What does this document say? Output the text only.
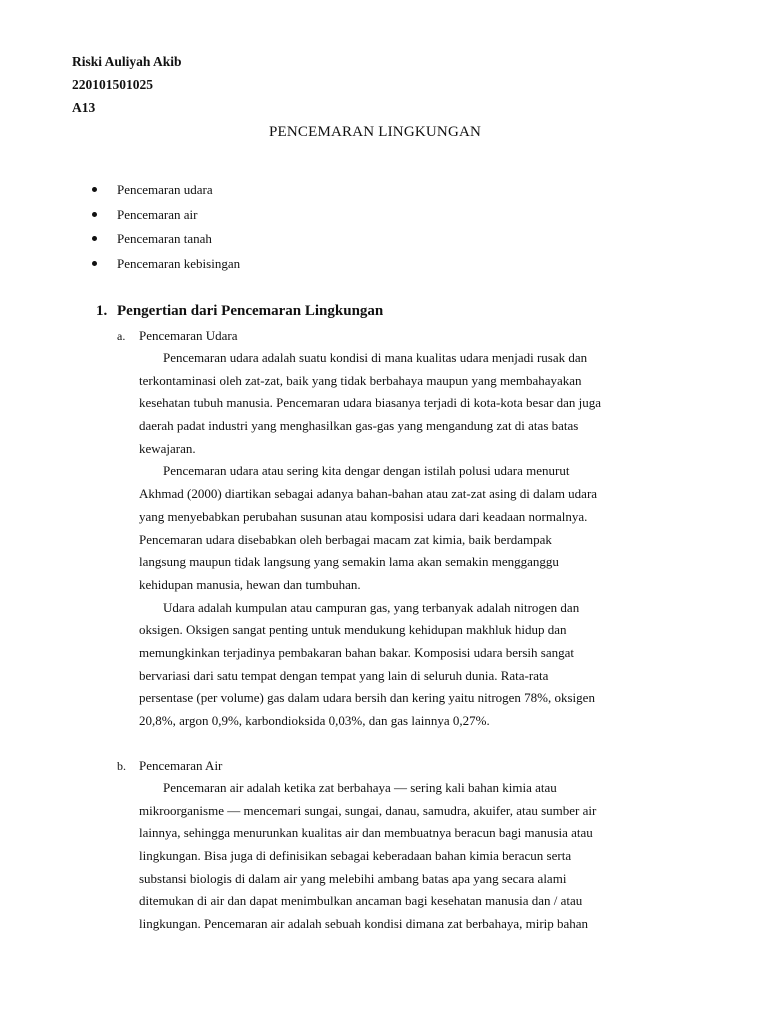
Riski Auliyah Akib
220101501025
A13
PENCEMARAN LINGKUNGAN
Pencemaran udara
Pencemaran air
Pencemaran tanah
Pencemaran kebisingan
1. Pengertian dari Pencemaran Lingkungan
a. Pencemaran Udara
Pencemaran udara adalah suatu kondisi di mana kualitas udara menjadi rusak dan
terkontaminasi oleh zat-zat, baik yang tidak berbahaya maupun yang membahayakan
kesehatan tubuh manusia. Pencemaran udara biasanya terjadi di kota-kota besar dan juga
daerah padat industri yang menghasilkan gas-gas yang mengandung zat di atas batas
kewajaran.
Pencemaran udara atau sering kita dengar dengan istilah polusi udara menurut
Akhmad (2000) diartikan sebagai adanya bahan-bahan atau zat-zat asing di dalam udara
yang menyebabkan perubahan susunan atau komposisi udara dari keadaan normalnya.
Pencemaran udara disebabkan oleh berbagai macam zat kimia, baik berdampak
langsung maupun tidak langsung yang semakin lama akan semakin mengganggu
kehidupan manusia, hewan dan tumbuhan.
Udara adalah kumpulan atau campuran gas, yang terbanyak adalah nitrogen dan
oksigen. Oksigen sangat penting untuk mendukung kehidupan makhluk hidup dan
memungkinkan terjadinya pembakaran bahan bakar. Komposisi udara bersih sangat
bervariasi dari satu tempat dengan tempat yang lain di seluruh dunia. Rata-rata
persentase (per volume) gas dalam udara bersih dan kering yaitu nitrogen 78%, oksigen
20,8%, argon 0,9%, karbondioksida 0,03%, dan gas lainnya 0,27%.
b. Pencemaran Air
Pencemaran air adalah ketika zat berbahaya — sering kali bahan kimia atau
mikroorganisme — mencemari sungai, sungai, danau, samudra, akuifer, atau sumber air
lainnya, sehingga menurunkan kualitas air dan membuatnya beracun bagi manusia atau
lingkungan. Bisa juga di definisikan sebagai keberadaan bahan kimia beracun serta
substansi biologis di dalam air yang melebihi ambang batas apa yang secara alami
ditemukan di air dan dapat menimbulkan ancaman bagi kesehatan manusia dan / atau
lingkungan. Pencemaran air adalah sebuah kondisi dimana zat berbahaya, mirip bahan
